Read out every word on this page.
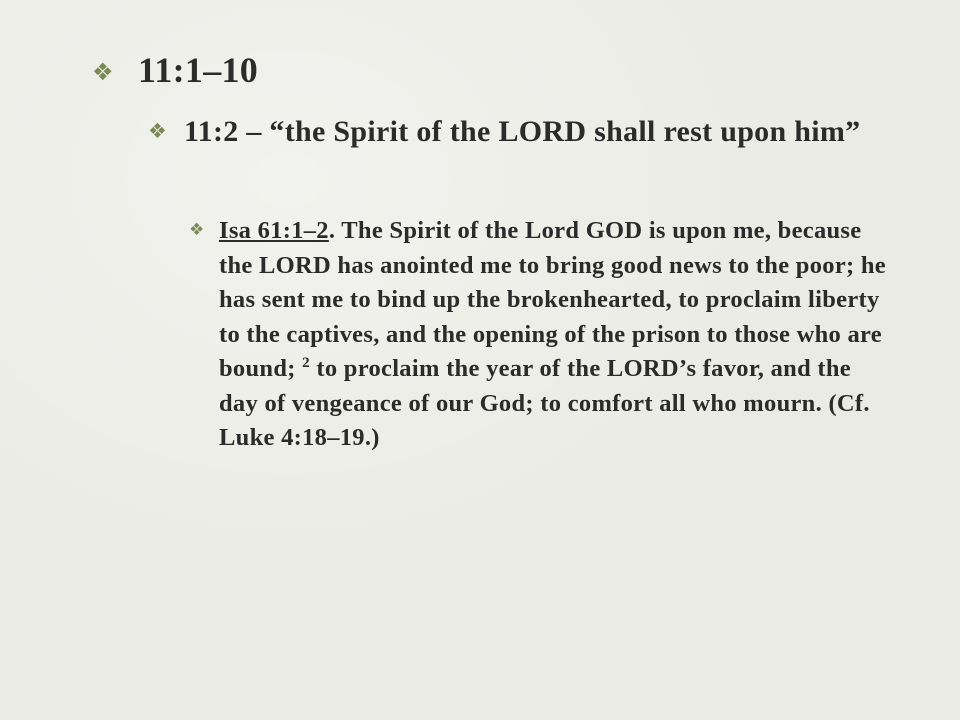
❖ 11:1–10
❖ 11:2 – “the Spirit of the LORD shall rest upon him”
❖ Isa 61:1–2. The Spirit of the Lord GOD is upon me, because the LORD has anointed me to bring good news to the poor; he has sent me to bind up the brokenhearted, to proclaim liberty to the captives, and the opening of the prison to those who are bound; $^2$ to proclaim the year of the LORD’s favor, and the day of vengeance of our God; to comfort all who mourn. (Cf. Luke 4:18–19.)
